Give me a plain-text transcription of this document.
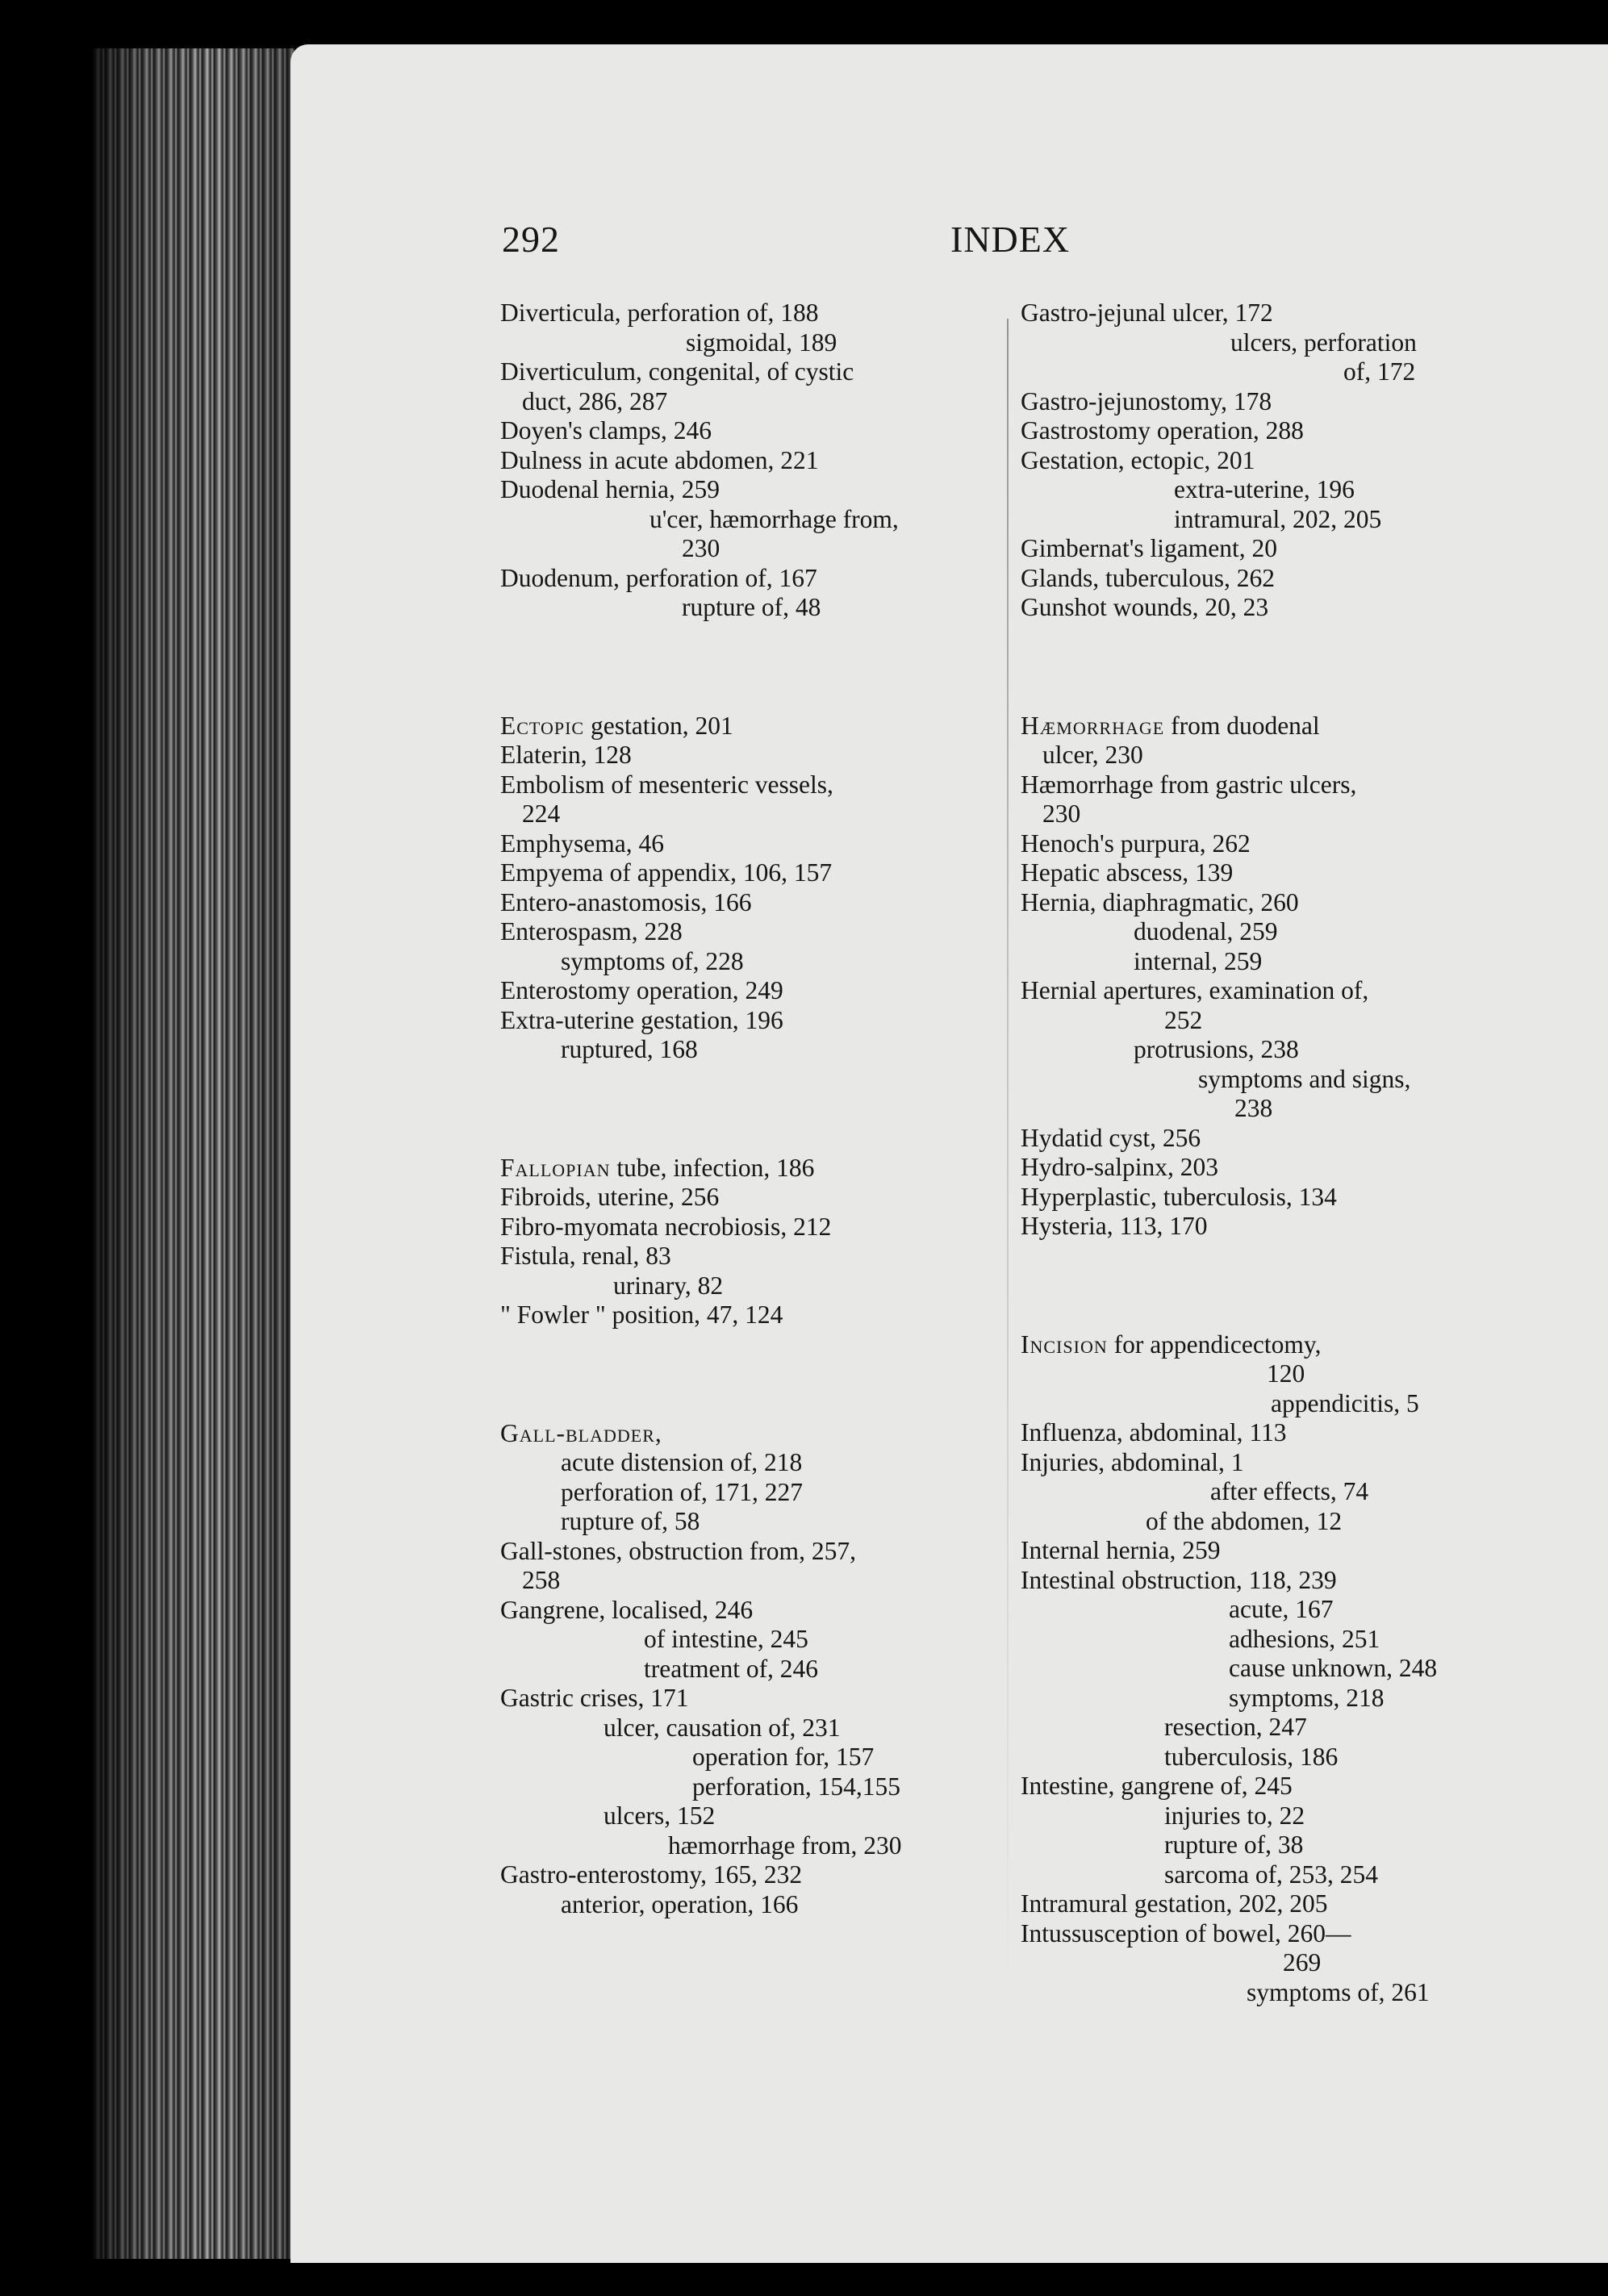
292	INDEX
Diverticula, perforation of, 188
sigmoidal, 189
Diverticulum, congenital, of cystic
duct, 286, 287
Doyen's clamps, 246
Dulness in acute abdomen, 221
Duodenal hernia, 259
u'cer, hæmorrhage from,
230
Duodenum, perforation of, 167
rupture of, 48
Ectopic gestation, 201
Elaterin, 128
Embolism of mesenteric vessels,
224
Emphysema, 46
Empyema of appendix, 106, 157
Entero-anastomosis, 166
Enterospasm, 228
symptoms of, 228
Enterostomy operation, 249
Extra-uterine gestation, 196
ruptured, 168
Fallopian tube, infection, 186
Fibroids, uterine, 256
Fibro-myomata necrobiosis, 212
Fistula, renal, 83
urinary, 82
" Fowler " position, 47, 124
Gall-bladder,
acute distension of, 218
perforation of, 171, 227
rupture of, 58
Gall-stones, obstruction from, 257,
258
Gangrene, localised, 246
of intestine, 245
treatment of, 246
Gastric crises, 171
ulcer, causation of, 231
operation for, 157
perforation, 154,155
ulcers, 152
hæmorrhage from, 230
Gastro-enterostomy, 165, 232
anterior, operation, 166
Gastro-jejunal ulcer, 172
ulcers, perforation
of, 172
Gastro-jejunostomy, 178
Gastrostomy operation, 288
Gestation, ectopic, 201
extra-uterine, 196
intramural, 202, 205
Gimbernat's ligament, 20
Glands, tuberculous, 262
Gunshot wounds, 20, 23
Hæmorrhage from duodenal
ulcer, 230
Hæmorrhage from gastric ulcers,
230
Henoch's purpura, 262
Hepatic abscess, 139
Hernia, diaphragmatic, 260
duodenal, 259
internal, 259
Hernial apertures, examination of,
252
protrusions, 238
symptoms and signs,
238
Hydatid cyst, 256
Hydro-salpinx, 203
Hyperplastic, tuberculosis, 134
Hysteria, 113, 170
Incision for appendicectomy,
120
appendicitis, 5
Influenza, abdominal, 113
Injuries, abdominal, 1
after effects, 74
of the abdomen, 12
Internal hernia, 259
Intestinal obstruction, 118, 239
acute, 167
adhesions, 251
cause unknown, 248
symptoms, 218
resection, 247
tuberculosis, 186
Intestine, gangrene of, 245
injuries to, 22
rupture of, 38
sarcoma of, 253, 254
Intramural gestation, 202, 205
Intussusception of bowel, 260—
269
symptoms of, 261
